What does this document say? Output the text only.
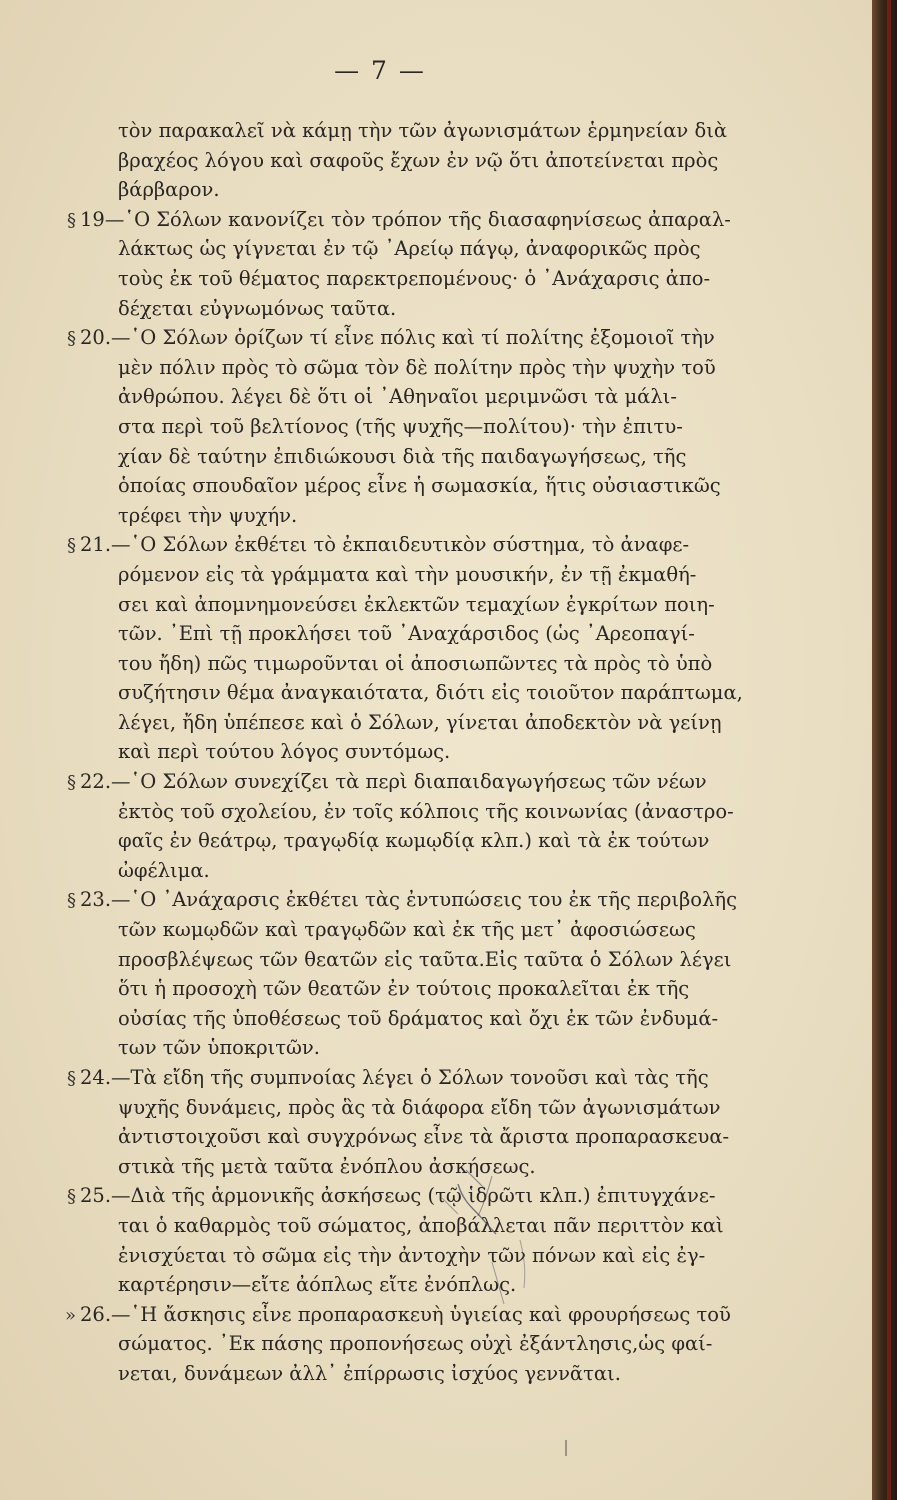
— 7 —
τὸν παρακαλεῖ νὰ κάμῃ τὴν τῶν ἀγωνισμάτων ἑρμηνείαν διὰ
βραχέος λόγου καὶ σαφοῦς ἔχων ἐν νῷ ὅτι ἀποτείνεται πρὸς
βάρβαρον.
§ 19—῾Ο Σόλων κανονίζει τὸν τρόπον τῆς διασαφηνίσεως ἀπαραλ-
λάκτως ὡς γίγνεται ἐν τῷ ᾿Αρείῳ πάγῳ, ἀναφορικῶς πρὸς
τοὺς ἐκ τοῦ θέματος παρεκτρεπομένους· ὁ ᾿Ανάχαρσις ἀπο-
δέχεται εὐγνωμόνως ταῦτα.
§ 20.—῾Ο Σόλων ὁρίζων τί εἶνε πόλις καὶ τί πολίτης ἐξομοιοῖ τὴν
μὲν πόλιν πρὸς τὸ σῶμα τὸν δὲ πολίτην πρὸς τὴν ψυχὴν τοῦ
ἀνθρώπου. λέγει δὲ ὅτι οἱ ᾿Αθηναῖοι μεριμνῶσι τὰ μάλι-
στα περὶ τοῦ βελτίονος (τῆς ψυχῆς—πολίτου)· τὴν ἐπιτυ-
χίαν δὲ ταύτην ἐπιδιώκουσι διὰ τῆς παιδαγωγήσεως, τῆς
ὁποίας σπουδαῖον μέρος εἶνε ἡ σωμασκία, ἥτις οὐσιαστικῶς
τρέφει τὴν ψυχήν.
§ 21.—῾Ο Σόλων ἐκθέτει τὸ ἐκπαιδευτικὸν σύστημα, τὸ ἀναφε-
ρόμενον εἰς τὰ γράμματα καὶ τὴν μουσικήν, ἐν τῇ ἐκμαθή-
σει καὶ ἀπομνημονεύσει ἐκλεκτῶν τεμαχίων ἐγκρίτων ποιη-
τῶν. ᾿Επὶ τῇ προκλήσει τοῦ ᾿Αναχάρσιδος (ὡς ᾿Αρεοπαγί-
του ἤδη) πῶς τιμωροῦνται οἱ ἀποσιωπῶντες τὰ πρὸς τὸ ὑπὸ
συζήτησιν θέμα ἀναγκαιότατα, διότι εἰς τοιοῦτον παράπτωμα,
λέγει, ἤδη ὑπέπεσε καὶ ὁ Σόλων, γίνεται ἀποδεκτὸν νὰ γείνῃ
καὶ περὶ τούτου λόγος συντόμως.
§ 22.—῾Ο Σόλων συνεχίζει τὰ περὶ διαπαιδαγωγήσεως τῶν νέων
ἐκτὸς τοῦ σχολείου, ἐν τοῖς κόλποις τῆς κοινωνίας (ἀναστρο-
φαῖς ἐν θεάτρῳ, τραγῳδίᾳ κωμῳδίᾳ κλπ.) καὶ τὰ ἐκ τούτων
ὠφέλιμα.
§ 23.—῾Ο ᾿Ανάχαρσις ἐκθέτει τὰς ἐντυπώσεις του ἐκ τῆς περιβολῆς
τῶν κωμῳδῶν καὶ τραγῳδῶν καὶ ἐκ τῆς μετ᾽ ἀφοσιώσεως
προσβλέψεως τῶν θεατῶν εἰς ταῦτα.Εἰς ταῦτα ὁ Σόλων λέγει
ὅτι ἡ προσοχὴ τῶν θεατῶν ἐν τούτοις προκαλεῖται ἐκ τῆς
οὐσίας τῆς ὑποθέσεως τοῦ δράματος καὶ ὄχι ἐκ τῶν ἐνδυμά-
των τῶν ὑποκριτῶν.
§ 24.—Τὰ εἴδη τῆς συμπνοίας λέγει ὁ Σόλων τονοῦσι καὶ τὰς τῆς
ψυχῆς δυνάμεις, πρὸς ἃς τὰ διάφορα εἴδη τῶν ἀγωνισμάτων
ἀντιστοιχοῦσι καὶ συγχρόνως εἶνε τὰ ἄριστα προπαρασκευα-
στικὰ τῆς μετὰ ταῦτα ἐνόπλου ἀσκήσεως.
§ 25.—Διὰ τῆς ἁρμονικῆς ἀσκήσεως (τῷ ἱδρῶτι κλπ.) ἐπιτυγχάνε-
ται ὁ καθαρμὸς τοῦ σώματος, ἀποβάλλεται πᾶν περιττὸν καὶ
ἐνισχύεται τὸ σῶμα εἰς τὴν ἀντοχὴν τῶν πόνων καὶ εἰς ἐγ-
καρτέρησιν—εἴτε ἀόπλως εἴτε ἐνόπλως.
» 26.—῾Η ἄσκησις εἶνε προπαρασκευὴ ὑγιείας καὶ φρουρήσεως τοῦ
σώματος. ᾿Εκ πάσης προπονήσεως οὐχὶ ἐξάντλησις,ὡς φαί-
νεται, δυνάμεων ἀλλ᾽ ἐπίρρωσις ἰσχύος γεννᾶται.
